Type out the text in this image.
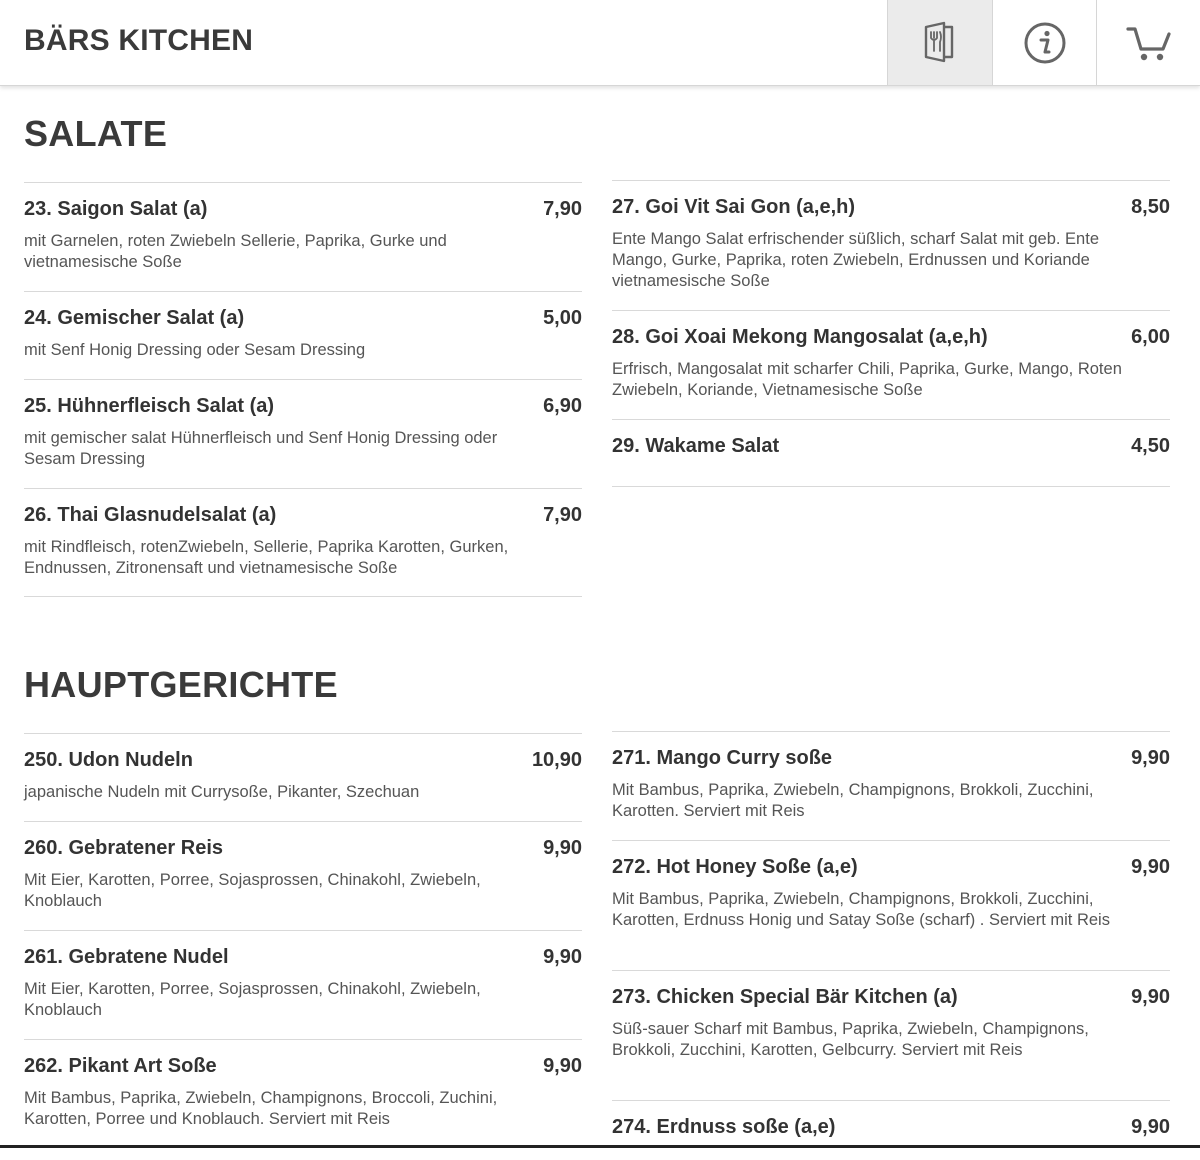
BÄRS KITCHEN
SALATE
23. Saigon Salat (a)	7,90
mit Garnelen, roten Zwiebeln Sellerie, Paprika, Gurke und vietnamesische Soße
24. Gemischer Salat (a)	5,00
mit Senf Honig Dressing oder Sesam Dressing
25. Hühnerfleisch Salat (a)	6,90
mit gemischer salat Hühnerfleisch und Senf Honig Dressing oder Sesam Dressing
26. Thai Glasnudelsalat (a)	7,90
mit Rindfleisch, rotenZwiebeln, Sellerie, Paprika Karotten, Gurken, Endnussen, Zitronensaft und vietnamesische Soße
27. Goi Vit Sai Gon (a,e,h)	8,50
Ente Mango Salat erfrischender süßlich, scharf Salat mit geb. Ente Mango, Gurke, Paprika, roten Zwiebeln, Erdnussen und Koriande vietnamesische Soße
28. Goi Xoai Mekong Mangosalat (a,e,h)	6,00
Erfrisch, Mangosalat mit scharfer Chili, Paprika, Gurke, Mango, Roten Zwiebeln, Koriande, Vietnamesische Soße
29. Wakame Salat	4,50
HAUPTGERICHTE
250. Udon Nudeln	10,90
japanische Nudeln mit Currysoße, Pikanter, Szechuan
260. Gebratener Reis	9,90
Mit Eier, Karotten, Porree, Sojasprossen, Chinakohl, Zwiebeln, Knoblauch
261. Gebratene Nudel	9,90
Mit Eier, Karotten, Porree, Sojasprossen, Chinakohl, Zwiebeln, Knoblauch
262. Pikant Art Soße	9,90
Mit Bambus, Paprika, Zwiebeln, Champignons, Broccoli, Zuchini, Karotten, Porree und Knoblauch. Serviert mit Reis
271. Mango Curry soße	9,90
Mit Bambus, Paprika, Zwiebeln, Champignons, Brokkoli, Zucchini, Karotten. Serviert mit Reis
272. Hot Honey Soße (a,e)	9,90
Mit Bambus, Paprika, Zwiebeln, Champignons, Brokkoli, Zucchini, Karotten, Erdnuss Honig und Satay Soße (scharf) . Serviert mit Reis
273. Chicken Special Bär Kitchen (a)	9,90
Süß-sauer Scharf mit Bambus, Paprika, Zwiebeln, Champignons, Brokkoli, Zucchini, Karotten, Gelbcurry. Serviert mit Reis
274. Erdnuss soße (a,e)	9,90
